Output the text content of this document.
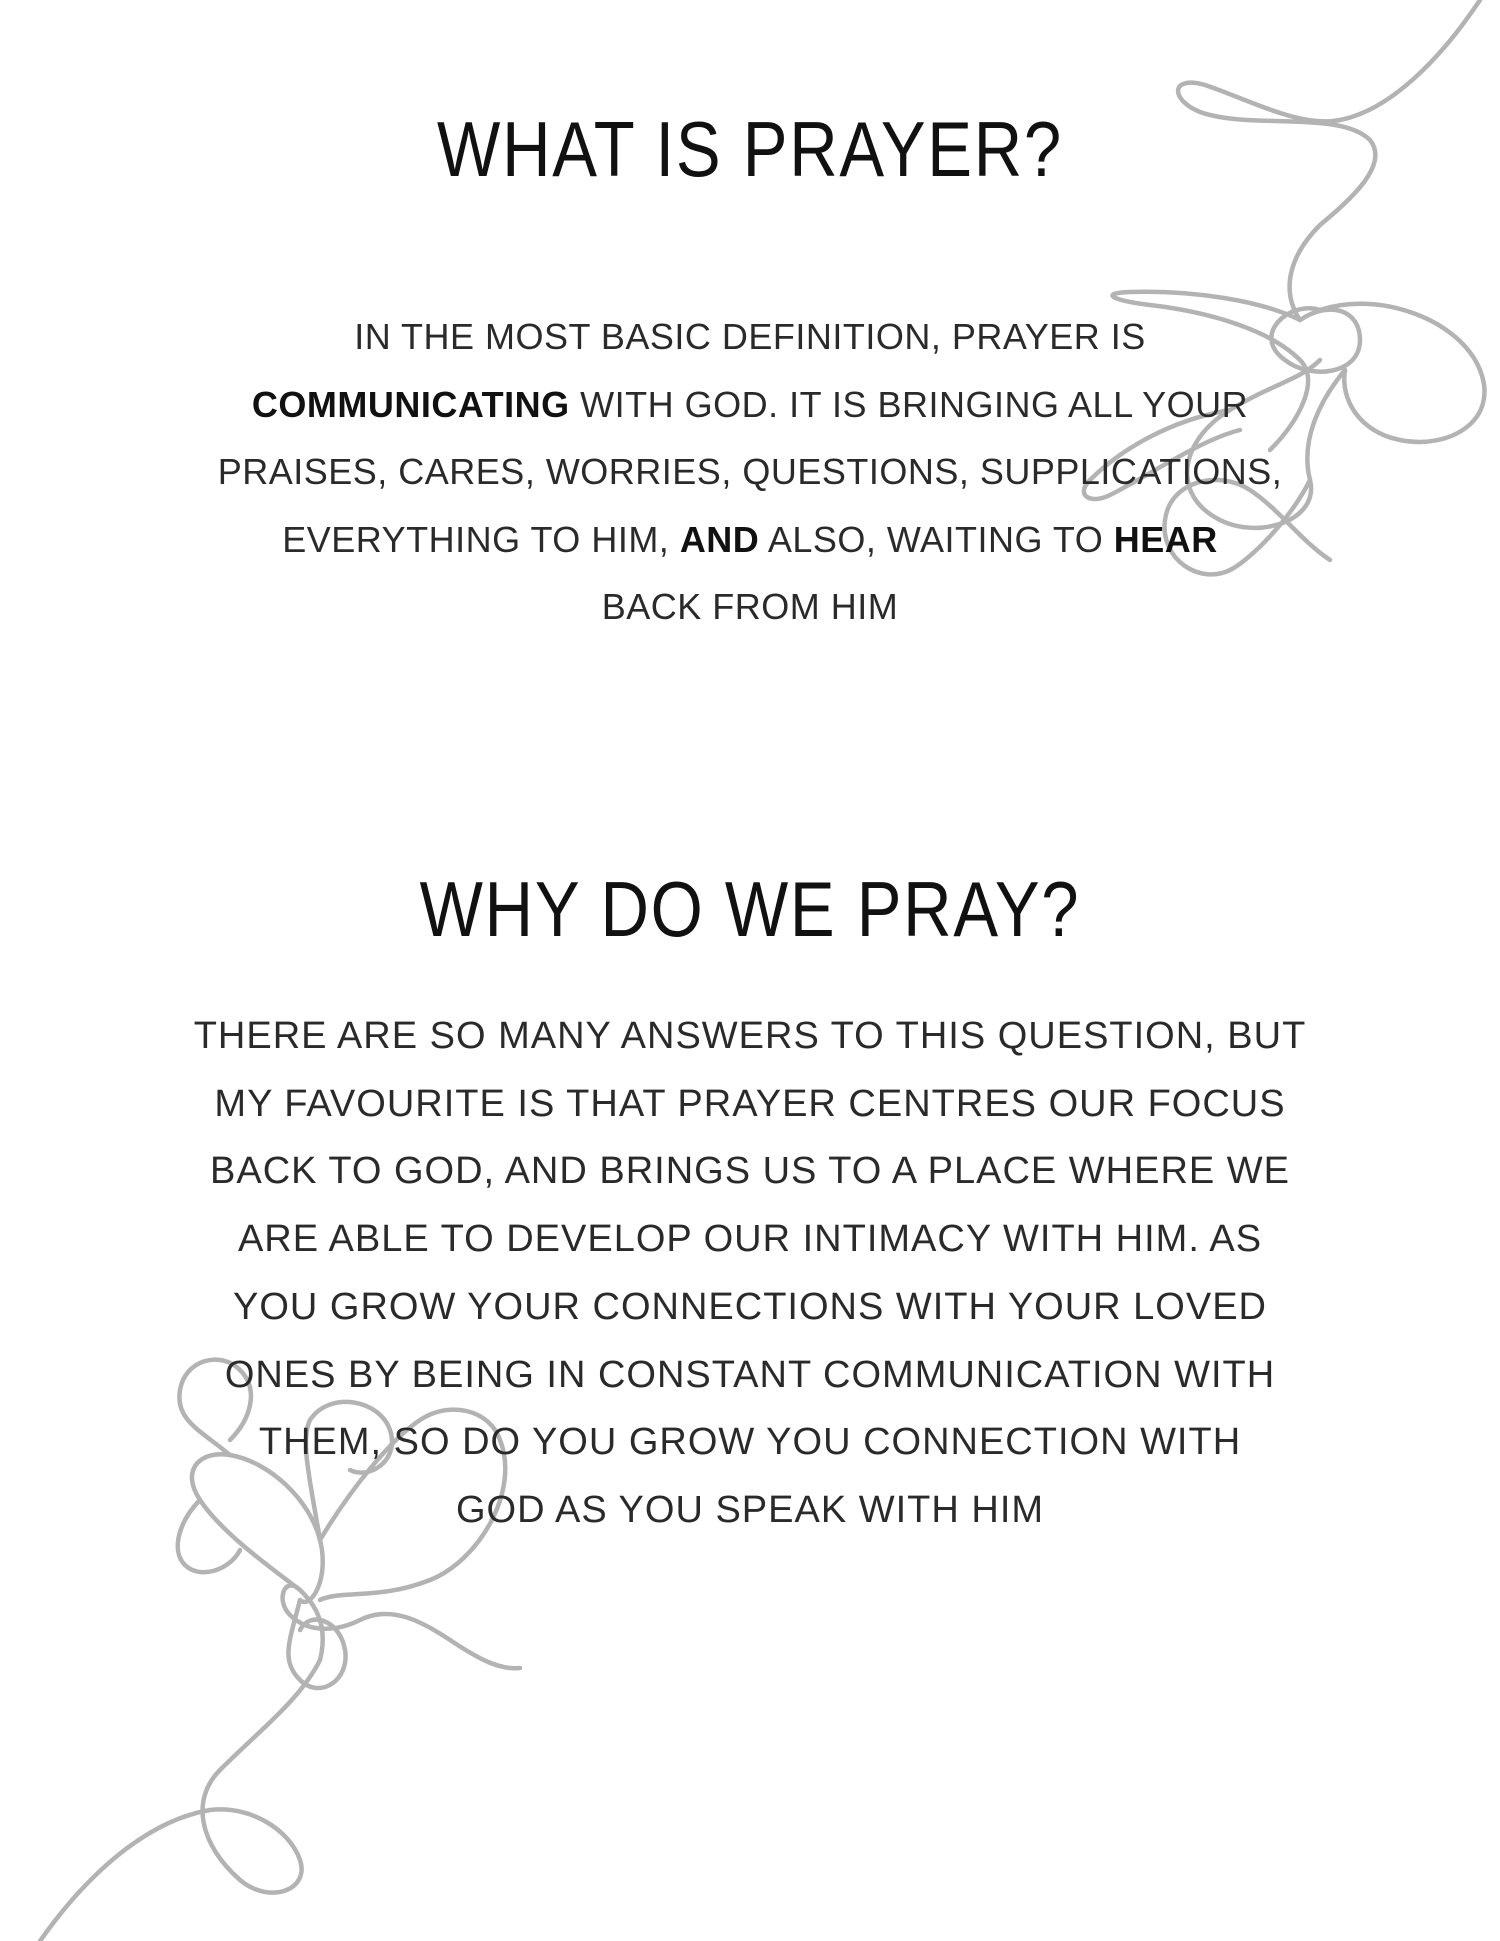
WHAT IS PRAYER?
IN THE MOST BASIC DEFINITION, PRAYER IS
COMMUNICATING WITH GOD. IT IS BRINGING ALL YOUR
PRAISES, CARES, WORRIES, QUESTIONS, SUPPLICATIONS,
EVERYTHING TO HIM, AND ALSO, WAITING TO HEAR
BACK FROM HIM
WHY DO WE PRAY?
THERE ARE SO MANY ANSWERS TO THIS QUESTION, BUT
MY FAVOURITE IS THAT PRAYER CENTRES OUR FOCUS
BACK TO GOD, AND BRINGS US TO A PLACE WHERE WE
ARE ABLE TO DEVELOP OUR INTIMACY WITH HIM. AS
YOU GROW YOUR CONNECTIONS WITH YOUR LOVED
ONES BY BEING IN CONSTANT COMMUNICATION WITH
THEM, SO DO YOU GROW YOU CONNECTION WITH
GOD AS YOU SPEAK WITH HIM
